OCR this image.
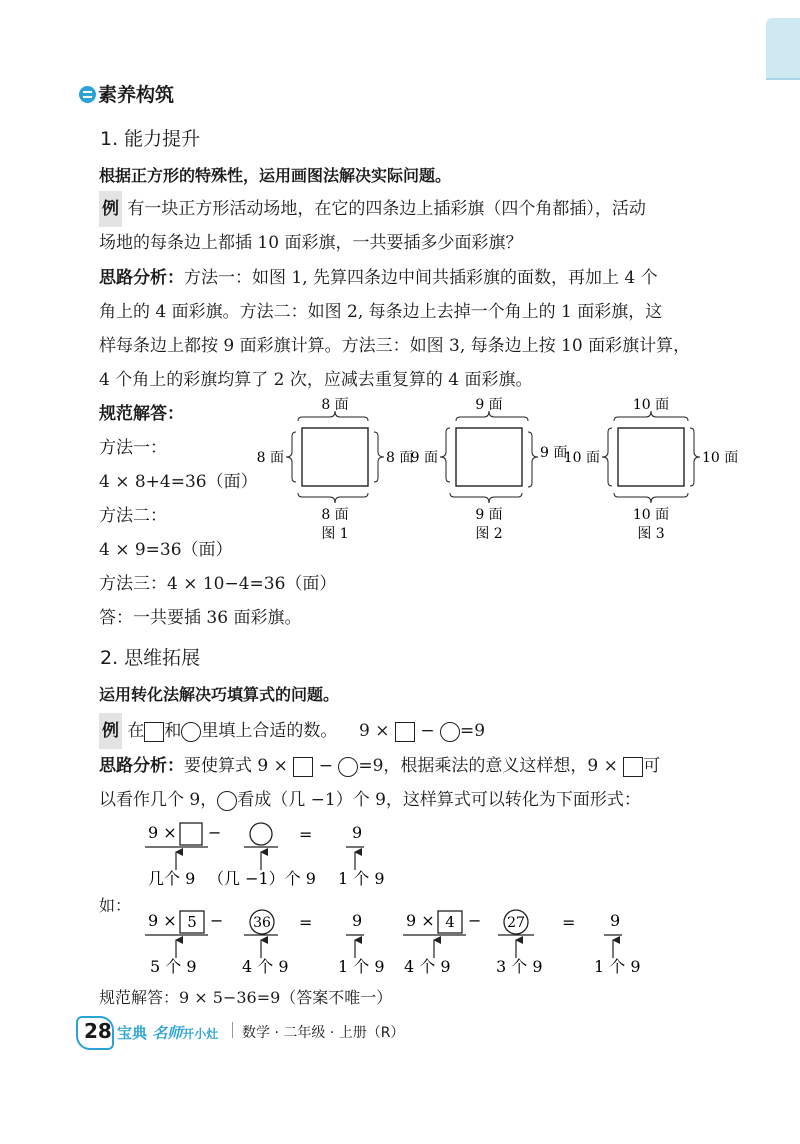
素养构筑
1. 能力提升
根据正方形的特殊性，运用画图法解决实际问题。
例 有一块正方形活动场地，在它的四条边上插彩旗（四个角都插），活动
场地的每条边上都插 10 面彩旗，一共要插多少面彩旗？
思路分析：方法一：如图 1, 先算四条边中间共插彩旗的面数，再加上 4 个
角上的 4 面彩旗。方法二：如图 2, 每条边上去掉一个角上的 1 面彩旗，这
样每条边上都按 9 面彩旗计算。方法三：如图 3, 每条边上按 10 面彩旗计算，
4 个角上的彩旗均算了 2 次，应减去重复算的 4 面彩旗。
规范解答：
方法一：
4 × 8+4=36（面）
方法二：
4 × 9=36（面）
方法三：4 × 10−4=36（面）
答：一共要插 36 面彩旗。
8 面
8 面
8 面	8 面
图 1
9 面
9 面
9 面	9 面
图 2
10 面
10 面
10 面	10 面
图 3
2. 思维拓展
运用转化法解决巧填算式的问题。
例 在 和 里填上合适的数。 9 × − =9
思路分析：要使算式 9 × − =9，根据乘法的意义这样想，9 × 可
以看作几个 9， 看成（几 −1）个 9，这样算式可以转化为下面形式：
9 × −	= 9
几个 9 （几 −1）个 9 1 个 9
9 × 5 − 36 = 9
5 个 9	4 个 9	1 个 9
9 × 4 − 27 = 9
4 个 9	3 个 9	1 个 9
如：
规范解答：9 × 5−36=9（答案不唯一）
28 宝典 名师开小灶 数学 · 二年级 · 上册（R）
